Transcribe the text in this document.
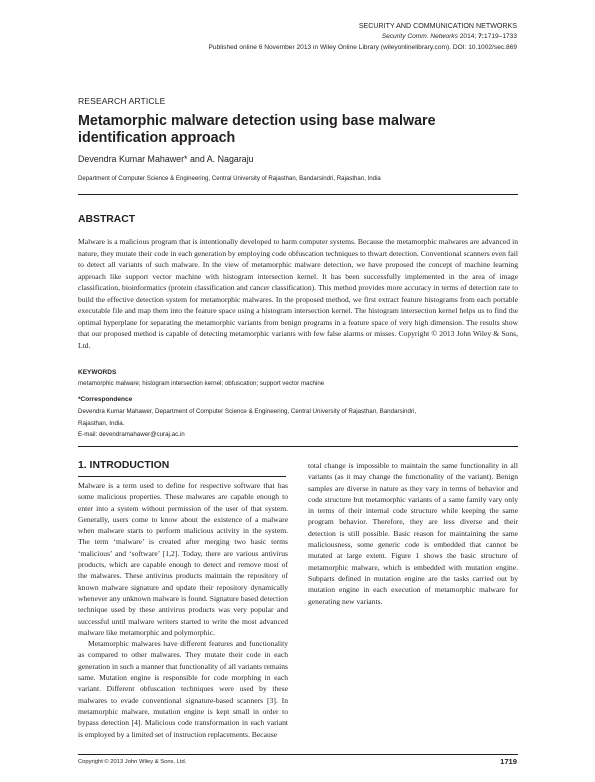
SECURITY AND COMMUNICATION NETWORKS
Security Comm. Networks 2014; 7:1719–1733
Published online 6 November 2013 in Wiley Online Library (wileyonlinelibrary.com). DOI: 10.1002/sec.869
RESEARCH ARTICLE
Metamorphic malware detection using base malware identification approach
Devendra Kumar Mahawer* and A. Nagaraju
Department of Computer Science & Engineering, Central University of Rajasthan, Bandarsindri, Rajasthan, India
ABSTRACT

Malware is a malicious program that is intentionally developed to harm computer systems. Because the metamorphic malwares are advanced in nature, they mutate their code in each generation by employing code obfuscation techniques to thwart detection. Conventional scanners even fail to detect all variants of such malware. In the view of metamorphic malware detection, we have proposed the concept of machine learning approach like support vector machine with histogram intersection kernel. It has been successfully implemented in the area of image classification, bioinformatics (protein classification and cancer classification). This method provides more accuracy in terms of detection rate to build the effective detection system for metamorphic malwares. In the proposed method, we first extract feature histograms from each portable executable file and map them into the feature space using a histogram intersection kernel. The histogram intersection kernel helps us to find the optimal hyperplane for separating the metamorphic variants from benign programs in a feature space of very high dimension. The results show that our proposed method is capable of detecting metamorphic variants with few false alarms or misses. Copyright © 2013 John Wiley & Sons, Ltd.

KEYWORDS
metamorphic malware; histogram intersection kernel; obfuscation; support vector machine
*Correspondence
Devendra Kumar Mahawer, Department of Computer Science & Engineering, Central University of Rajasthan, Bandarsindri,
Rajasthan, India.
E-mail: devendramahawer@curaj.ac.in
1. INTRODUCTION

Malware is a term used to define for respective software that has some malicious properties. These malwares are capable enough to enter into a system without permission of the user of that system. Generally, users come to know about the existence of a malware when malware starts to perform malicious activity in the system. The term ‘malware’ is created after merging two basic terms ‘malicious’ and ‘software’ [1,2]. Today, there are various antivirus products, which are capable enough to detect and remove most of the malwares. These antivirus products maintain the repository of known malware signature and update their repository dynamically whenever any unknown malware is found. Signature based detection technique used by these antivirus products was very popular and successful until malware writers started to write the most advanced malware like metamorphic and polymorphic.

Metamorphic malwares have different features and functionality as compared to other malwares. They mutate their code in each generation in such a manner that functionality of all variants remains same. Mutation engine is responsible for code morphing in each variant. Different obfuscation techniques were used by these malwares to evade conventional signature-based scanners [3]. In metamorphic malware, mutation engine is kept small in order to bypass detection [4]. Malicious code transformation in each variant is employed by a limited set of instruction replacements. Because

total change is impossible to maintain the same functionality in all variants (as it may change the functionality of the variant). Benign samples are diverse in nature as they vary in terms of behavior and code structure but metamorphic variants of a same family vary only in terms of their internal code structure while keeping the same program behavior. Therefore, they are less diverse and their detection is still possible. Basic reason for maintaining the same maliciousness, some generic code is embedded that cannot be mutated at large extent. Figure 1 shows the basic structure of metamorphic malware, which is embedded with mutation engine. Subparts defined in mutation engine are the tasks carried out by mutation engine in each execution of metamorphic malware for generating new variants.

Copyright © 2013 John Wiley & Sons, Ltd.	1719
